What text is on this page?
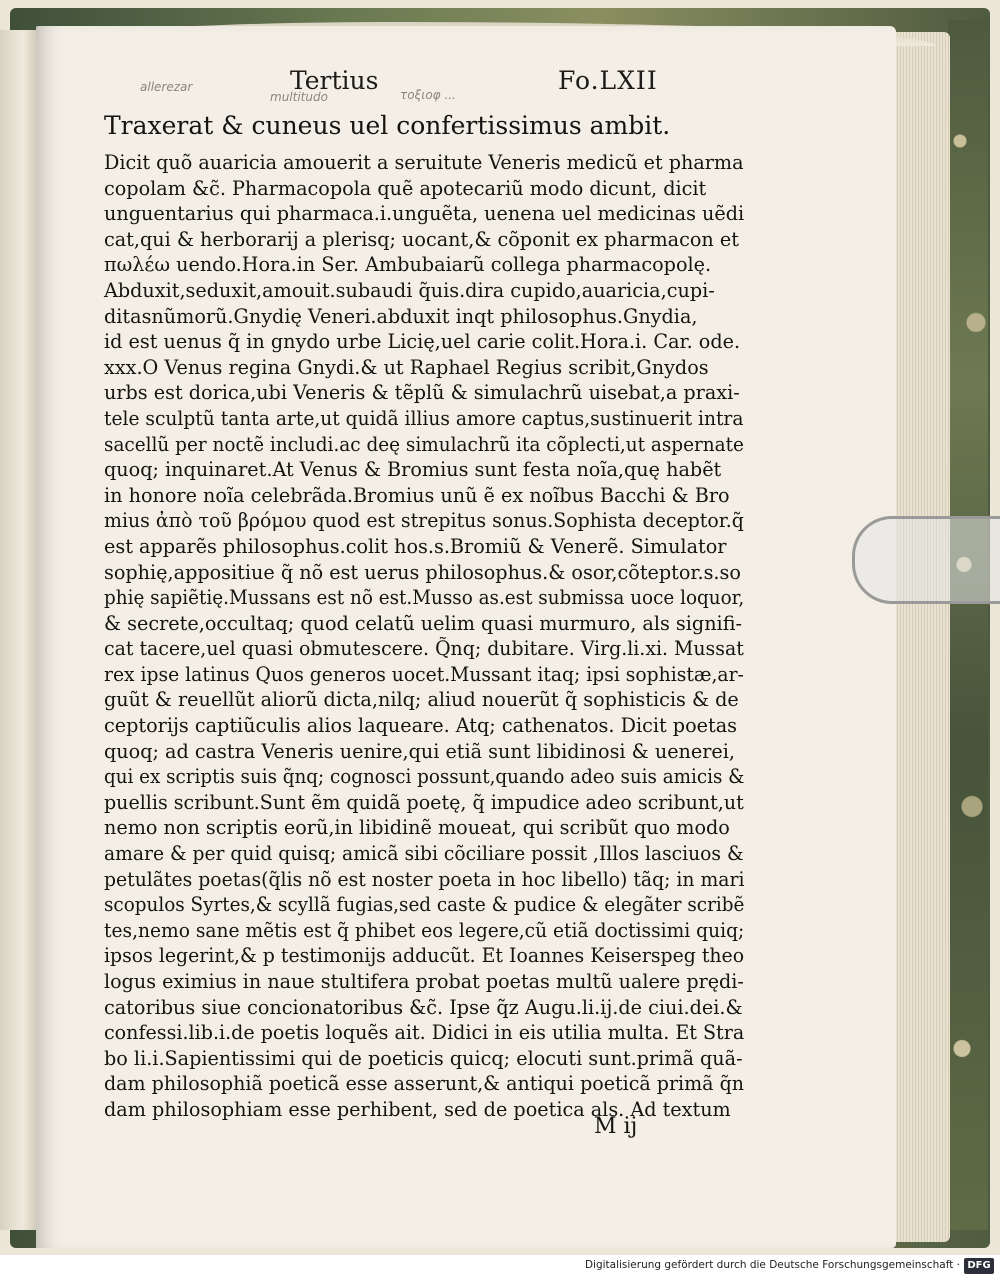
Tertius	Fo.LXII
allerezar
multitudo	τοξιοφ ...
Traxerat & cuneus uel confertissimus ambit.
Dicit quõ auaricia amouerit a seruitute Veneris medicũ et pharma
copolam &c̃. Pharmacopola quẽ apotecariũ modo dicunt, dicit
unguentarius qui pharmaca.i.unguẽta, uenena uel medicinas uẽdi
cat,qui & herborarij a plerisq; uocant,& cõponit ex pharmacon et
πωλέω uendo.Hora.in Ser. Ambubaiarũ collega pharmacopolę.
Abduxit,seduxit,amouit.subaudi q̃uis.dira cupido,auaricia,cupi-
ditasnũmorũ.Gnydię Veneri.abduxit inqt philosophus.Gnydia,
id est uenus q̃ in gnydo urbe Licię,uel carie colit.Hora.i. Car. ode.
xxx.O Venus regina Gnydi.& ut Raphael Regius scribit,Gnydos
urbs est dorica,ubi Veneris & tẽplũ & simulachrũ uisebat,a praxi-
tele sculptũ tanta arte,ut quidã illius amore captus,sustinuerit intra
sacellũ per noctẽ includi.ac deę simulachrũ ita cõplecti,ut aspernate
quoq; inquinaret.At Venus & Bromius sunt festa noĩa,quę habẽt
in honore noĩa celebrãda.Bromius unũ ẽ ex noĩbus Bacchi & Bro
mius ἀπὸ τοῦ βρόμου quod est strepitus sonus.Sophista deceptor.q̃
est apparẽs philosophus.colit hos.s.Bromiũ & Venerẽ. Simulator
sophię,appositiue q̃ nõ est uerus philosophus.& osor,cõteptor.s.so
phię sapiẽtię.Mussans est nõ est.Musso as.est submissa uoce loquor,
& secrete,occultaq; quod celatũ uelim quasi murmuro, als signifi-
cat tacere,uel quasi obmutescere. Q̃nq; dubitare. Virg.li.xi. Mussat
rex ipse latinus Quos generos uocet.Mussant itaq; ipsi sophistæ,ar-
guũt & reuellũt aliorũ dicta,nilq; aliud nouerũt q̃ sophisticis & de
ceptorijs captiũculis alios laqueare. Atq; cathenatos. Dicit poetas
quoq; ad castra Veneris uenire,qui etiã sunt libidinosi & uenerei,
qui ex scriptis suis q̃nq; cognosci possunt,quando adeo suis amicis &
puellis scribunt.Sunt ẽm quidã poetę, q̃ impudice adeo scribunt,ut
nemo non scriptis eorũ,in libidinẽ moueat, qui scribũt quo modo
amare & per quid quisq; amicã sibi cõciliare possit ,Illos lasciuos &
petulãtes poetas(q̃lis nõ est noster poeta in hoc libello) tãq; in mari
scopulos Syrtes,& scyllã fugias,sed caste & pudice & elegãter scribẽ
tes,nemo sane mẽtis est q̃ phibet eos legere,cũ etiã doctissimi quiq;
ipsos legerint,& p testimonijs adducũt. Et Ioannes Keiserspeg theo
logus eximius in naue stultifera probat poetas multũ ualere prędi-
catoribus siue concionatoribus &c̃. Ipse q̃z Augu.li.ij.de ciui.dei.&
confessi.lib.i.de poetis loquẽs ait. Didici in eis utilia multa. Et Stra
bo li.i.Sapientissimi qui de poeticis quicq; elocuti sunt.primã quã-
dam philosophiã poeticã esse asserunt,& antiqui poeticã primã q̃n
dam philosophiam esse perhibent, sed de poetica als. Ad textum
M ij
Digitalisierung gefördert durch die Deutsche Forschungsgemeinschaft · DFG
